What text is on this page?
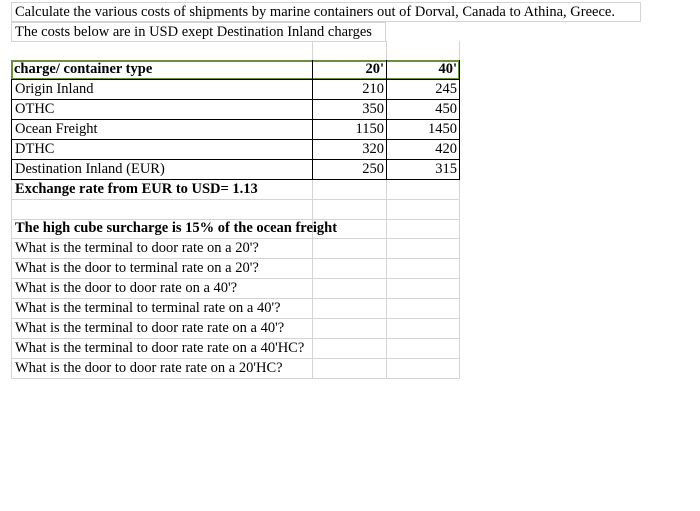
Calculate the various costs of shipments by marine containers out of Dorval, Canada to Athina, Greece.
The costs below are in USD exept Destination Inland charges
charge/ container type	20'	40'
Origin Inland	210	245
OTHC	350	450
Ocean Freight	1150	1450
DTHC	320	420
Destination Inland (EUR)	250	315
Exchange rate from EUR to USD= 1.13
The high cube surcharge is 15% of the ocean freight
What is the terminal to door rate on a 20'?
What is the door to terminal rate on a 20'?
What is the door to door rate on a 40'?
What is the terminal to terminal rate on a 40'?
What is the terminal to door rate rate on a 40'?
What is the terminal to door rate rate on a 40'HC?
What is the door to door rate rate on a 20'HC?
